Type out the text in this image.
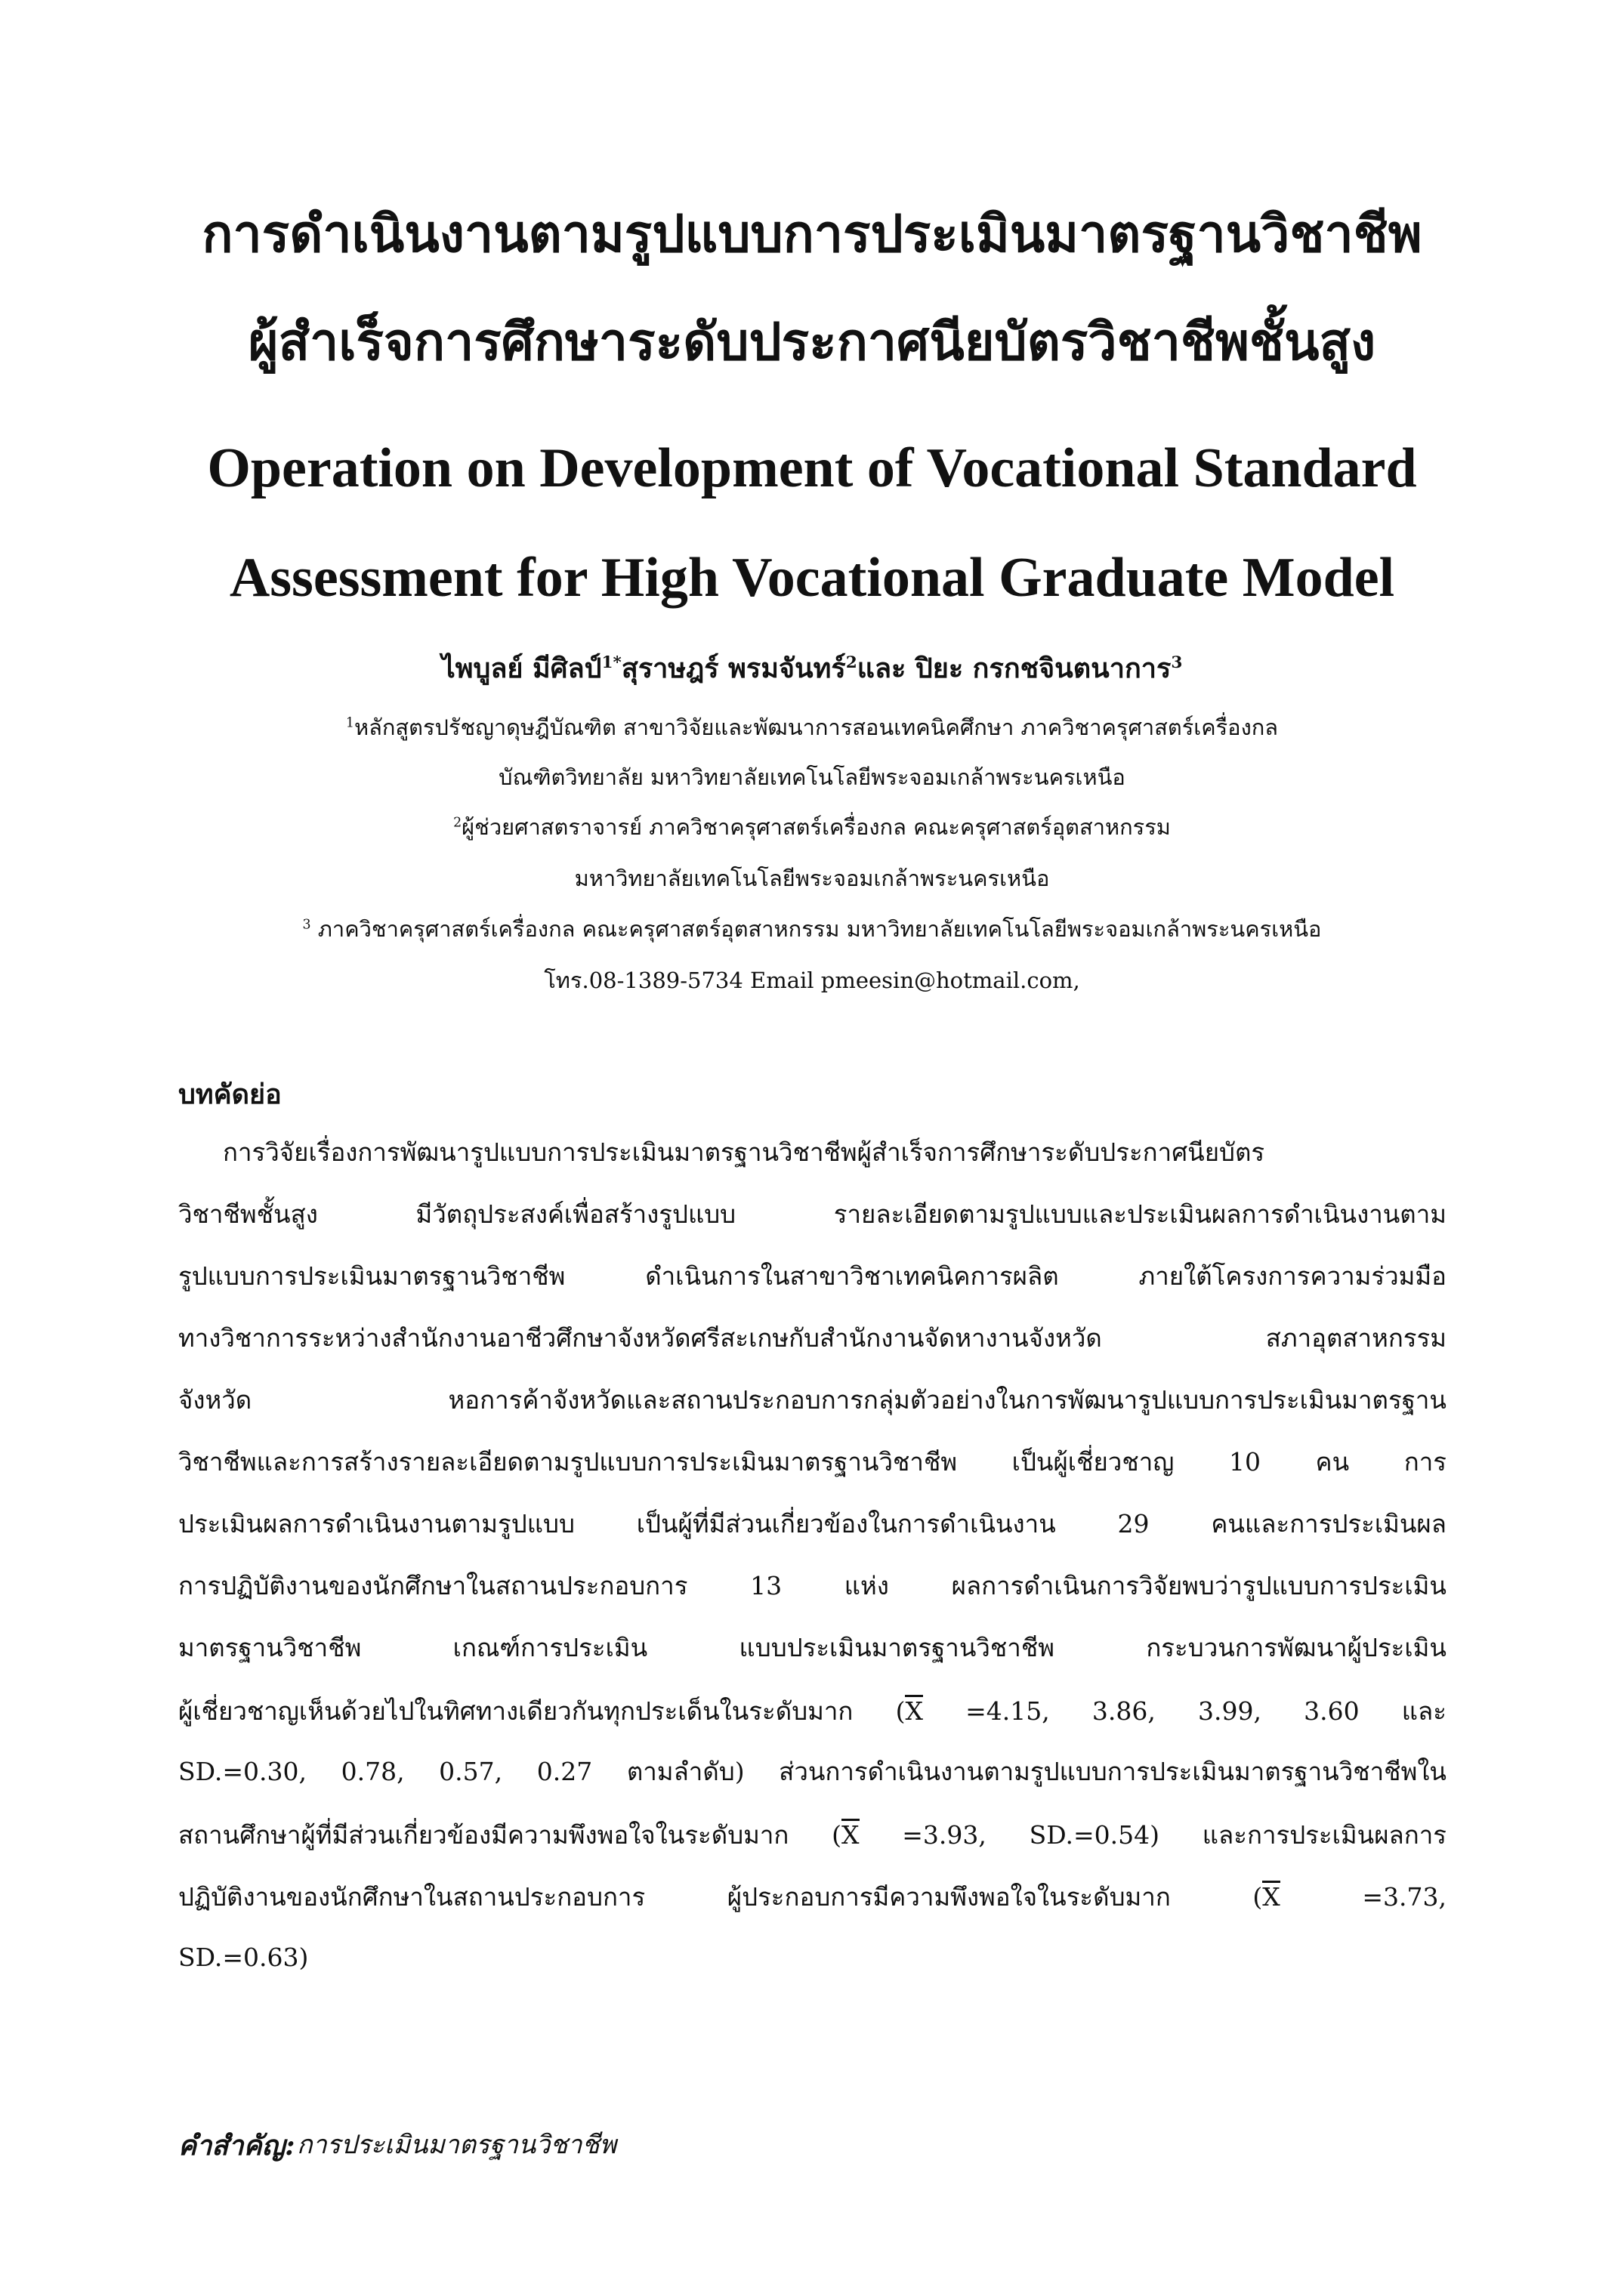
การดำเนินงานตามรูปแบบการประเมินมาตรฐานวิชาชีพ
ผู้สำเร็จการศึกษาระดับประกาศนียบัตรวิชาชีพชั้นสูง
Operation on Development of Vocational Standard
Assessment for High Vocational Graduate Model
ไพบูลย์ มีศิลป์$^{1*}$สุราษฎร์ พรมจันทร์$^2$และ ปิยะ กรกชจินตนาการ$^3$
$^1$หลักสูตรปรัชญาดุษฎีบัณฑิต สาขาวิจัยและพัฒนาการสอนเทคนิคศึกษา ภาควิชาครุศาสตร์เครื่องกล
บัณฑิตวิทยาลัย มหาวิทยาลัยเทคโนโลยีพระจอมเกล้าพระนครเหนือ
$^2$ผู้ช่วยศาสตราจารย์ ภาควิชาครุศาสตร์เครื่องกล คณะครุศาสตร์อุตสาหกรรม
มหาวิทยาลัยเทคโนโลยีพระจอมเกล้าพระนครเหนือ
$^3$ ภาควิชาครุศาสตร์เครื่องกล คณะครุศาสตร์อุตสาหกรรม มหาวิทยาลัยเทคโนโลยีพระจอมเกล้าพระนครเหนือ
โทร.08-1389-5734 Email pmeesin@hotmail.com,
บทคัดย่อ
การวิจัยเรื่องการพัฒนารูปแบบการประเมินมาตรฐานวิชาชีพผู้สำเร็จการศึกษาระดับประกาศนียบัตร
วิชาชีพชั้นสูง มีวัตถุประสงค์เพื่อสร้างรูปแบบ รายละเอียดตามรูปแบบและประเมินผลการดำเนินงานตาม
รูปแบบการประเมินมาตรฐานวิชาชีพ ดำเนินการในสาขาวิชาเทคนิคการผลิต ภายใต้โครงการความร่วมมือ
ทางวิชาการระหว่างสำนักงานอาชีวศึกษาจังหวัดศรีสะเกษกับสำนักงานจัดหางานจังหวัด สภาอุตสาหกรรม
จังหวัด หอการค้าจังหวัดและสถานประกอบการกลุ่มตัวอย่างในการพัฒนารูปแบบการประเมินมาตรฐาน
วิชาชีพและการสร้างรายละเอียดตามรูปแบบการประเมินมาตรฐานวิชาชีพ เป็นผู้เชี่ยวชาญ 10 คน การ
ประเมินผลการดำเนินงานตามรูปแบบ เป็นผู้ที่มีส่วนเกี่ยวข้องในการดำเนินงาน 29 คนและการประเมินผล
การปฏิบัติงานของนักศึกษาในสถานประกอบการ 13 แห่ง ผลการดำเนินการวิจัยพบว่ารูปแบบการประเมิน
มาตรฐานวิชาชีพ เกณฑ์การประเมิน แบบประเมินมาตรฐานวิชาชีพ กระบวนการพัฒนาผู้ประเมิน
ผู้เชี่ยวชาญเห็นด้วยไปในทิศทางเดียวกันทุกประเด็นในระดับมาก (X =4.15, 3.86, 3.99, 3.60 และ
SD.=0.30, 0.78, 0.57, 0.27 ตามลำดับ) ส่วนการดำเนินงานตามรูปแบบการประเมินมาตรฐานวิชาชีพใน
สถานศึกษาผู้ที่มีส่วนเกี่ยวข้องมีความพึงพอใจในระดับมาก (X =3.93, SD.=0.54) และการประเมินผลการ
ปฏิบัติงานของนักศึกษาในสถานประกอบการ ผู้ประกอบการมีความพึงพอใจในระดับมาก (X =3.73,
SD.=0.63)
คำสำคัญ: การประเมินมาตรฐานวิชาชีพ
